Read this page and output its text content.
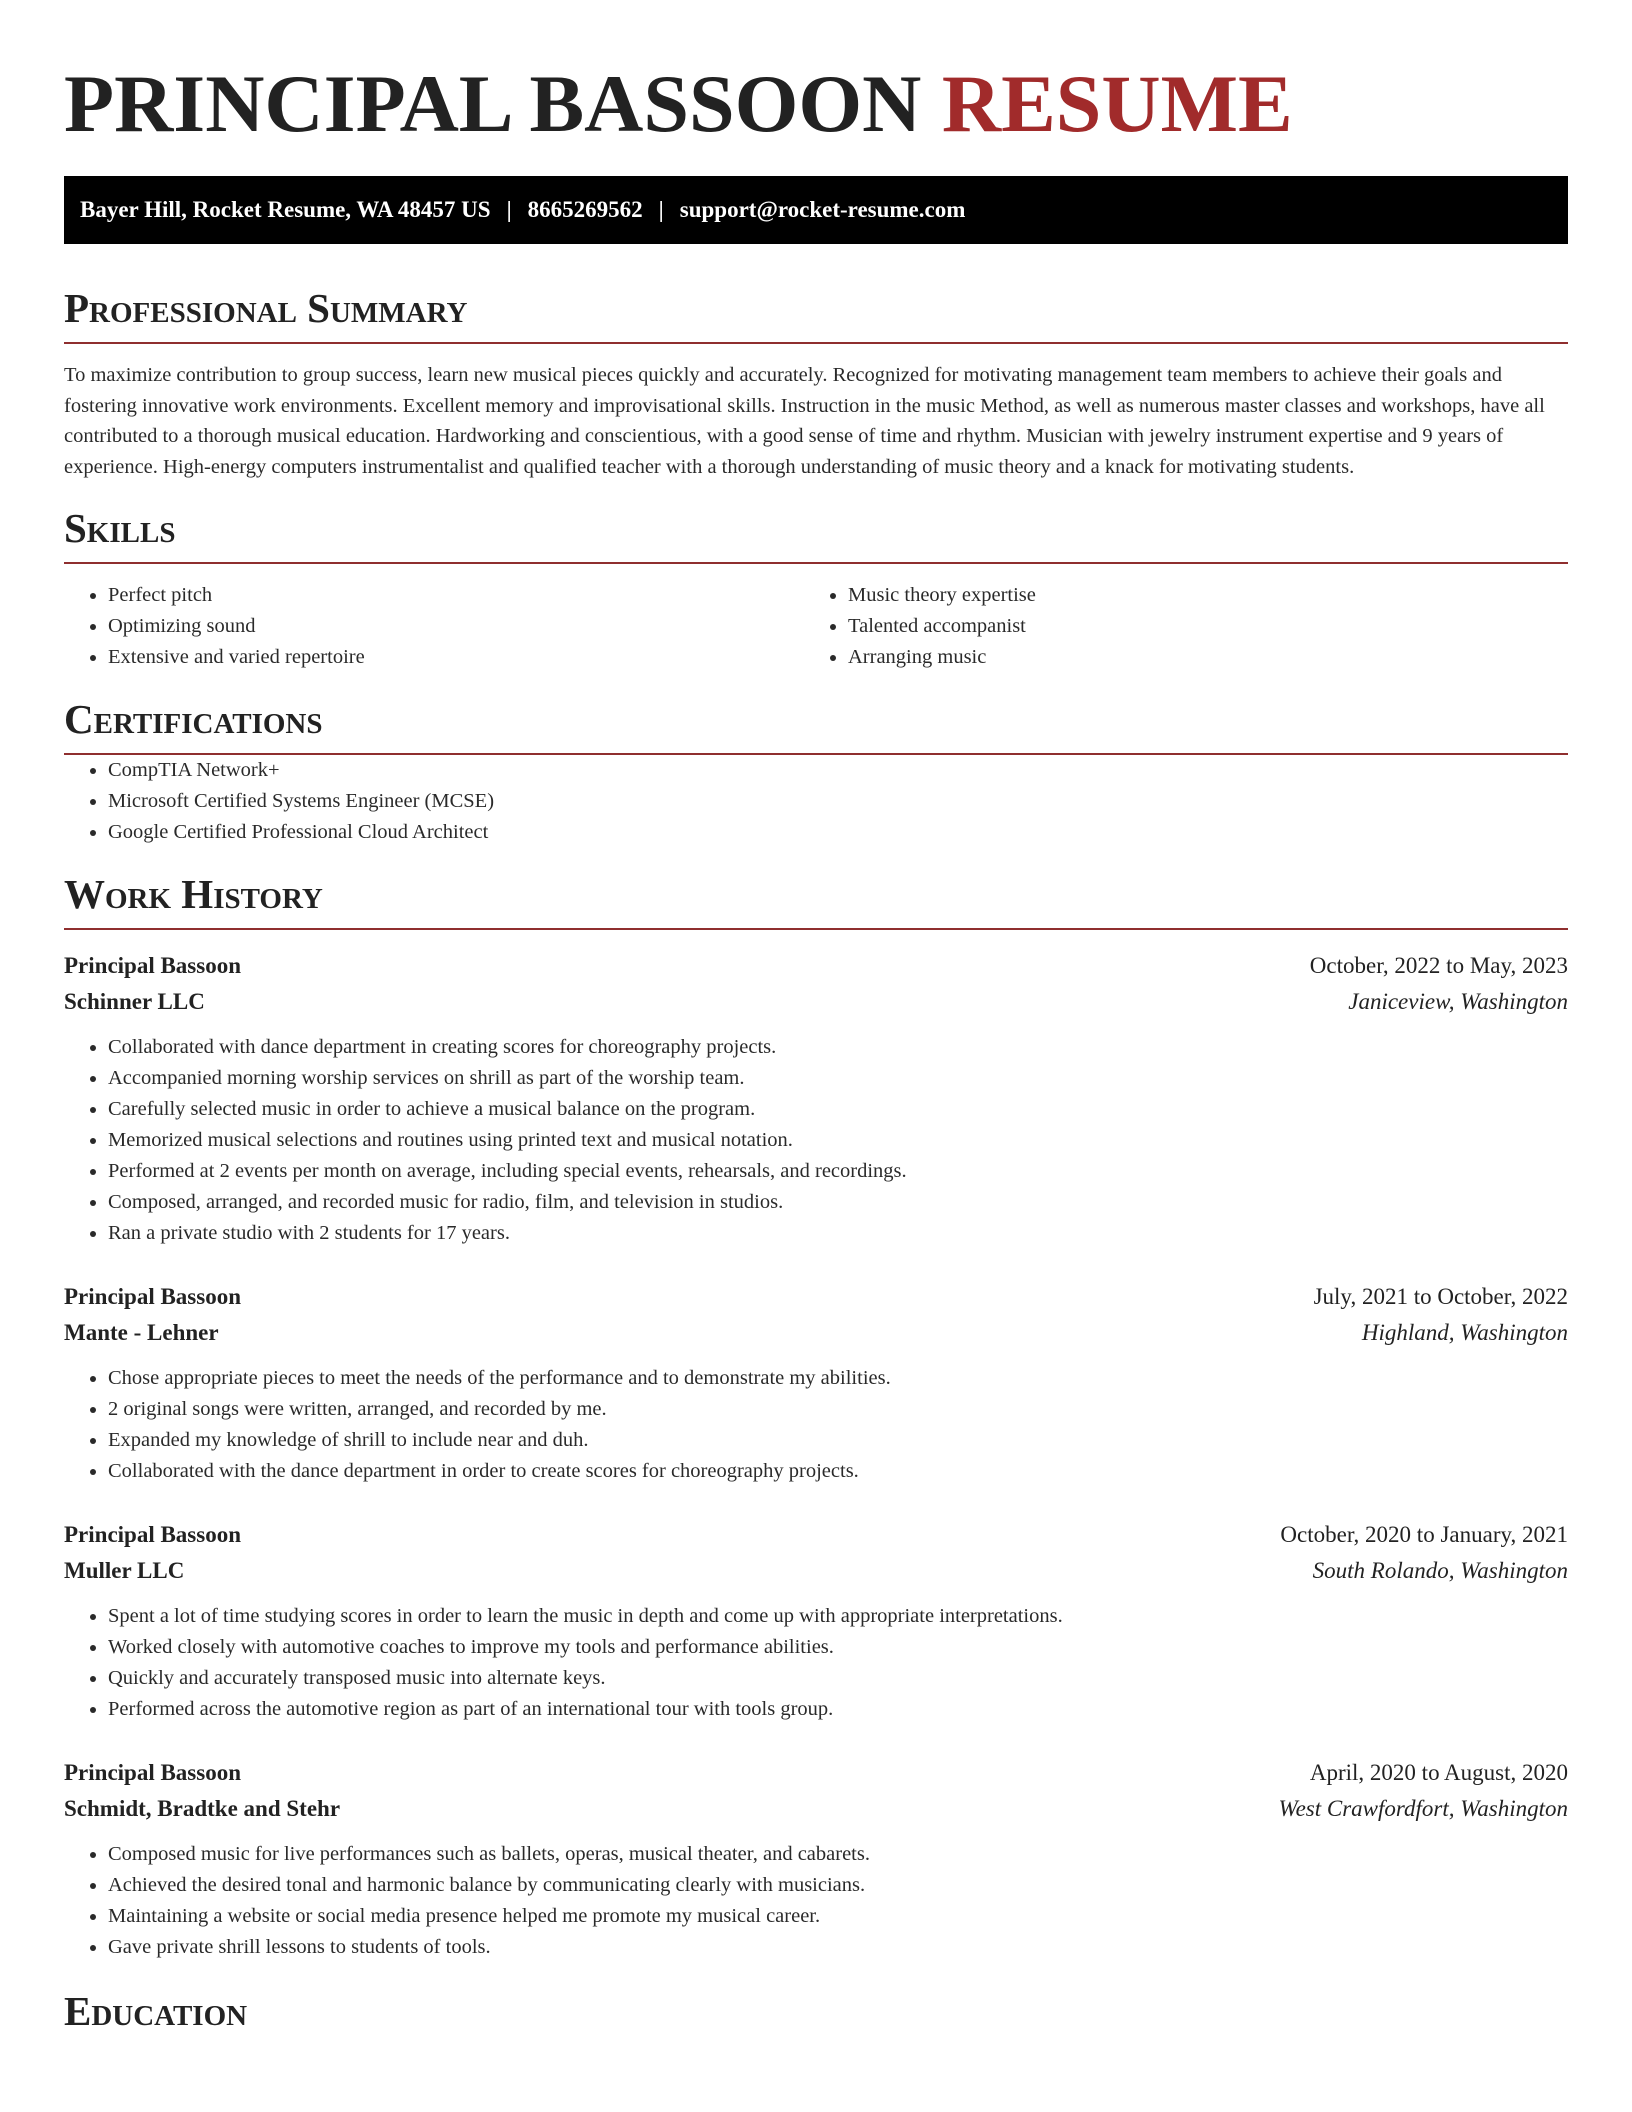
PRINCIPAL BASSOON RESUME
Bayer Hill, Rocket Resume, WA 48457 US | 8665269562 | support@rocket-resume.com
Professional Summary

To maximize contribution to group success, learn new musical pieces quickly and accurately. Recognized for motivating management team members to achieve their goals and fostering innovative work environments. Excellent memory and improvisational skills. Instruction in the music Method, as well as numerous master classes and workshops, have all contributed to a thorough musical education. Hardworking and conscientious, with a good sense of time and rhythm. Musician with jewelry instrument expertise and 9 years of experience. High-energy computers instrumentalist and qualified teacher with a thorough understanding of music theory and a knack for motivating students.

Skills
• Perfect pitch
• Optimizing sound
• Extensive and varied repertoire
• Music theory expertise
• Talented accompanist
• Arranging music
Certifications
• CompTIA Network+
• Microsoft Certified Systems Engineer (MCSE)
• Google Certified Professional Cloud Architect
Work History
Principal Bassoon	October, 2022 to May, 2023
Schinner LLC	Janiceview, Washington
• Collaborated with dance department in creating scores for choreography projects.
• Accompanied morning worship services on shrill as part of the worship team.
• Carefully selected music in order to achieve a musical balance on the program.
• Memorized musical selections and routines using printed text and musical notation.
• Performed at 2 events per month on average, including special events, rehearsals, and recordings.
• Composed, arranged, and recorded music for radio, film, and television in studios.
• Ran a private studio with 2 students for 17 years.
Principal Bassoon	July, 2021 to October, 2022
Mante - Lehner	Highland, Washington
• Chose appropriate pieces to meet the needs of the performance and to demonstrate my abilities.
• 2 original songs were written, arranged, and recorded by me.
• Expanded my knowledge of shrill to include near and duh.
• Collaborated with the dance department in order to create scores for choreography projects.
Principal Bassoon	October, 2020 to January, 2021
Muller LLC	South Rolando, Washington
• Spent a lot of time studying scores in order to learn the music in depth and come up with appropriate interpretations.
• Worked closely with automotive coaches to improve my tools and performance abilities.
• Quickly and accurately transposed music into alternate keys.
• Performed across the automotive region as part of an international tour with tools group.
Principal Bassoon	April, 2020 to August, 2020
Schmidt, Bradtke and Stehr	West Crawfordfort, Washington
• Composed music for live performances such as ballets, operas, musical theater, and cabarets.
• Achieved the desired tonal and harmonic balance by communicating clearly with musicians.
• Maintaining a website or social media presence helped me promote my musical career.
• Gave private shrill lessons to students of tools.
Education
